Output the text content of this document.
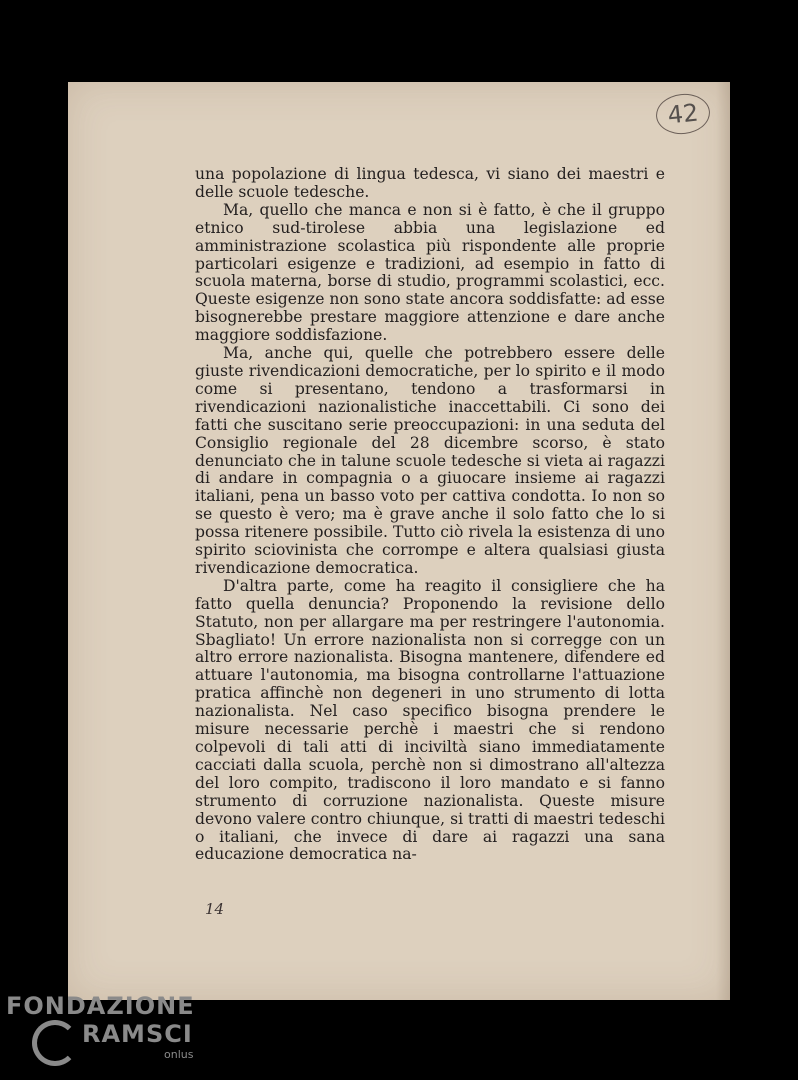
42

una popolazione di lingua tedesca, vi siano dei maestri e delle scuole tedesche.

Ma, quello che manca e non si è fatto, è che il gruppo etnico sud-tirolese abbia una legislazione ed amministrazione scolastica più rispondente alle proprie particolari esigenze e tradizioni, ad esempio in fatto di scuola materna, borse di studio, programmi scolastici, ecc. Queste esigenze non sono state ancora soddisfatte: ad esse bisognerebbe prestare maggiore attenzione e dare anche maggiore soddisfazione.

Ma, anche qui, quelle che potrebbero essere delle giuste rivendicazioni democratiche, per lo spirito e il modo come si presentano, tendono a trasformarsi in rivendicazioni nazionalistiche inaccettabili. Ci sono dei fatti che suscitano serie preoccupazioni: in una seduta del Consiglio regionale del 28 dicembre scorso, è stato denunciato che in talune scuole tedesche si vieta ai ragazzi di andare in compagnia o a giuocare insieme ai ragazzi italiani, pena un basso voto per cattiva condotta. Io non so se questo è vero; ma è grave anche il solo fatto che lo si possa ritenere possibile. Tutto ciò rivela la esistenza di uno spirito sciovinista che corrompe e altera qualsiasi giusta rivendicazione democratica.

D'altra parte, come ha reagito il consigliere che ha fatto quella denuncia? Proponendo la revisione dello Statuto, non per allargare ma per restringere l'autonomia. Sbagliato! Un errore nazionalista non si corregge con un altro errore nazionalista. Bisogna mantenere, difendere ed attuare l'autonomia, ma bisogna controllarne l'attuazione pratica affinchè non degeneri in uno strumento di lotta nazionalista. Nel caso specifico bisogna prendere le misure necessarie perchè i maestri che si rendono colpevoli di tali atti di inciviltà siano immediatamente cacciati dalla scuola, perchè non si dimostrano all'altezza del loro compito, tradiscono il loro mandato e si fanno strumento di corruzione nazionalista. Queste misure devono valere contro chiunque, si tratti di maestri tedeschi o italiani, che invece di dare ai ragazzi una sana educazione democratica na-

14
FONDAZIONE
RAMSCI
onlus
